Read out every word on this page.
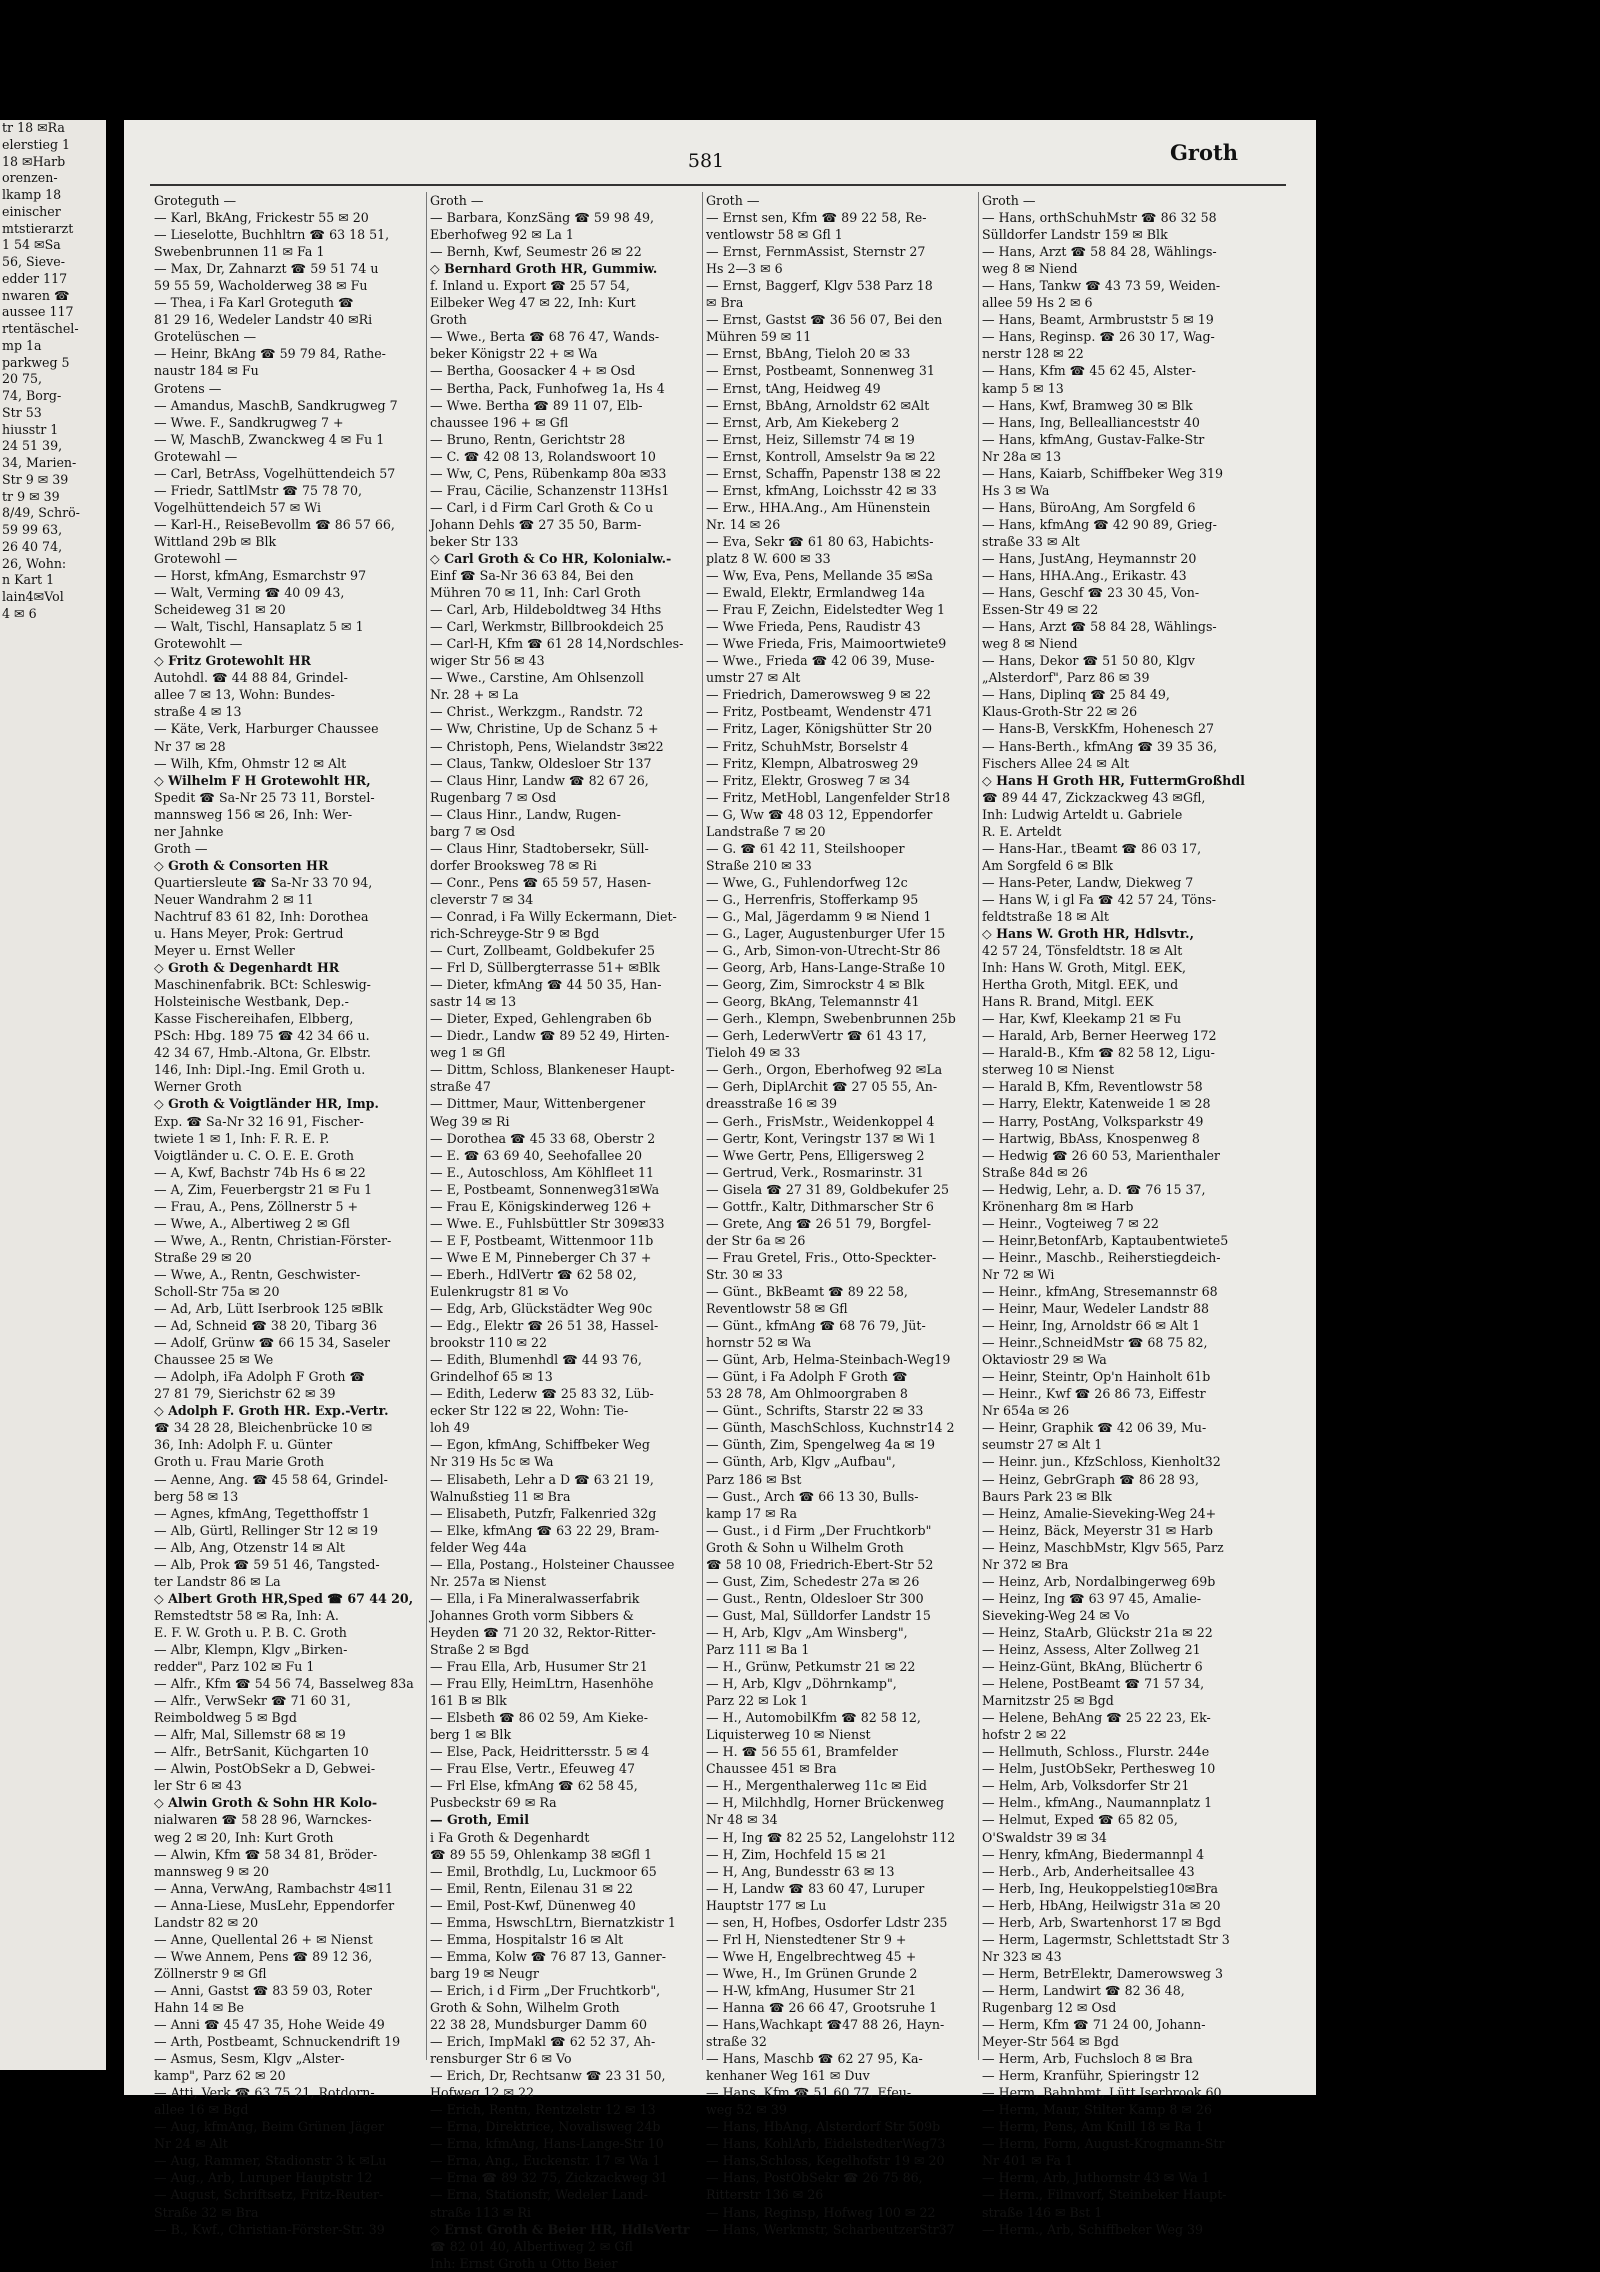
tr 18 ✉Ra
elerstieg 1
18 ✉Harb
orenzen-
lkamp 18
einischer
mtstierarzt
1 54 ✉Sa
56, Sieve-
edder 117
nwaren ☎
aussee 117
rtentäschel-
mp 1a
parkweg 5
20 75,
74, Borg-
Str 53
hiusstr 1
24 51 39,
34, Marien-
Str 9 ✉ 39
tr 9 ✉ 39
8/49, Schrö-
59 99 63,
26 40 74,
26, Wohn:
n Kart 1
lain4✉Vol
4 ✉ 6
581	Groth
Groteguth —
— Karl, BkAng, Frickestr 55 ✉ 20
— Lieselotte, Buchhltrn ☎ 63 18 51,
Swebenbrunnen 11 ✉ Fa 1
— Max, Dr, Zahnarzt ☎ 59 51 74 u
59 55 59, Wacholderweg 38 ✉ Fu
— Thea, i Fa Karl Groteguth ☎
81 29 16, Wedeler Landstr 40 ✉Ri
Grotelüschen —
— Heinr, BkAng ☎ 59 79 84, Rathe-
naustr 184 ✉ Fu
Grotens —
— Amandus, MaschB, Sandkrugweg 7
— Wwe. F., Sandkrugweg 7 +
— W, MaschB, Zwanckweg 4 ✉ Fu 1
Grotewahl —
— Carl, BetrAss, Vogelhüttendeich 57
— Friedr, SattlMstr ☎ 75 78 70,
Vogelhüttendeich 57 ✉ Wi
— Karl-H., ReiseBevollm ☎ 86 57 66,
Wittland 29b ✉ Blk
Grotewohl —
— Horst, kfmAng, Esmarchstr 97
— Walt, Verming ☎ 40 09 43,
Scheideweg 31 ✉ 20
— Walt, Tischl, Hansaplatz 5 ✉ 1
Grotewohlt —
◇ Fritz Grotewohlt HR
Autohdl. ☎ 44 88 84, Grindel-
allee 7 ✉ 13, Wohn: Bundes-
straße 4 ✉ 13
— Käte, Verk, Harburger Chaussee
Nr 37 ✉ 28
— Wilh, Kfm, Ohmstr 12 ✉ Alt
◇ Wilhelm F H Grotewohlt HR,
Spedit ☎ Sa-Nr 25 73 11, Borstel-
mannsweg 156 ✉ 26, Inh: Wer-
ner Jahnke
Groth —
◇ Groth & Consorten HR
Quartiersleute ☎ Sa-Nr 33 70 94,
Neuer Wandrahm 2 ✉ 11
Nachtruf 83 61 82, Inh: Dorothea
u. Hans Meyer, Prok: Gertrud
Meyer u. Ernst Weller
◇ Groth & Degenhardt HR
Maschinenfabrik. BCt: Schleswig-
Holsteinische Westbank, Dep.-
Kasse Fischereihafen, Elbberg,
PSch: Hbg. 189 75 ☎ 42 34 66 u.
42 34 67, Hmb.-Altona, Gr. Elbstr.
146, Inh: Dipl.-Ing. Emil Groth u.
Werner Groth
◇ Groth & Voigtländer HR, Imp.
Exp. ☎ Sa-Nr 32 16 91, Fischer-
twiete 1 ✉ 1, Inh: F. R. E. P.
Voigtländer u. C. O. E. E. Groth
— A, Kwf, Bachstr 74b Hs 6 ✉ 22
— A, Zim, Feuerbergstr 21 ✉ Fu 1
— Frau, A., Pens, Zöllnerstr 5 +
— Wwe, A., Albertiweg 2 ✉ Gfl
— Wwe, A., Rentn, Christian-Förster-
Straße 29 ✉ 20
— Wwe, A., Rentn, Geschwister-
Scholl-Str 75a ✉ 20
— Ad, Arb, Lütt Iserbrook 125 ✉Blk
— Ad, Schneid ☎ 38 20, Tibarg 36
— Adolf, Grünw ☎ 66 15 34, Saseler
Chaussee 25 ✉ We
— Adolph, iFa Adolph F Groth ☎
27 81 79, Sierichstr 62 ✉ 39
◇ Adolph F. Groth HR. Exp.-Vertr.
☎ 34 28 28, Bleichenbrücke 10 ✉
36, Inh: Adolph F. u. Günter
Groth u. Frau Marie Groth
— Aenne, Ang. ☎ 45 58 64, Grindel-
berg 58 ✉ 13
— Agnes, kfmAng, Tegetthoffstr 1
— Alb, Gürtl, Rellinger Str 12 ✉ 19
— Alb, Ang, Otzenstr 14 ✉ Alt
— Alb, Prok ☎ 59 51 46, Tangsted-
ter Landstr 86 ✉ La
◇ Albert Groth HR,Sped ☎ 67 44 20,
Remstedtstr 58 ✉ Ra, Inh: A.
E. F. W. Groth u. P. B. C. Groth
— Albr, Klempn, Klgv „Birken-
redder", Parz 102 ✉ Fu 1
— Alfr., Kfm ☎ 54 56 74, Basselweg 83a
— Alfr., VerwSekr ☎ 71 60 31,
Reimboldweg 5 ✉ Bgd
— Alfr, Mal, Sillemstr 68 ✉ 19
— Alfr., BetrSanit, Küchgarten 10
— Alwin, PostObSekr a D, Gebwei-
ler Str 6 ✉ 43
◇ Alwin Groth & Sohn HR Kolo-
nialwaren ☎ 58 28 96, Warnckes-
weg 2 ✉ 20, Inh: Kurt Groth
— Alwin, Kfm ☎ 58 34 81, Bröder-
mannsweg 9 ✉ 20
— Anna, VerwAng, Rambachstr 4✉11
— Anna-Liese, MusLehr, Eppendorfer
Landstr 82 ✉ 20
— Anne, Quellental 26 + ✉ Nienst
— Wwe Annem, Pens ☎ 89 12 36,
Zöllnerstr 9 ✉ Gfl
— Anni, Gastst ☎ 83 59 03, Roter
Hahn 14 ✉ Be
— Anni ☎ 45 47 35, Hohe Weide 49
— Arth, Postbeamt, Schnuckendrift 19
— Asmus, Sesm, Klgv „Alster-
kamp", Parz 62 ✉ 20
— Atti, Verk ☎ 63 75 21, Rotdorn-
allee 16 ✉ Bgd
— Aug, kfmAng, Beim Grünen Jäger
Nr 24 ✉ Alt
— Aug, Rammer, Stadionstr 3 k ✉Lu
— Aug., Arb, Luruper Hauptstr 12
— August, Schriftsetz, Fritz-Reuter-
Straße 32 ✉ Bra
— B., Kwf., Christian-Förster-Str. 39
Groth —
— Barbara, KonzSäng ☎ 59 98 49,
Eberhofweg 92 ✉ La 1
— Bernh, Kwf, Seumestr 26 ✉ 22
◇ Bernhard Groth HR, Gummiw.
f. Inland u. Export ☎ 25 57 54,
Eilbeker Weg 47 ✉ 22, Inh: Kurt
Groth
— Wwe., Berta ☎ 68 76 47, Wands-
beker Königstr 22 + ✉ Wa
— Bertha, Goosacker 4 + ✉ Osd
— Bertha, Pack, Funhofweg 1a, Hs 4
— Wwe. Bertha ☎ 89 11 07, Elb-
chaussee 196 + ✉ Gfl
— Bruno, Rentn, Gerichtstr 28
— C. ☎ 42 08 13, Rolandswoort 10
— Ww, C, Pens, Rübenkamp 80a ✉33
— Frau, Cäcilie, Schanzenstr 113Hs1
— Carl, i d Firm Carl Groth & Co u
Johann Dehls ☎ 27 35 50, Barm-
beker Str 133
◇ Carl Groth & Co HR, Kolonialw.-
Einf ☎ Sa-Nr 36 63 84, Bei den
Mühren 70 ✉ 11, Inh: Carl Groth
— Carl, Arb, Hildeboldtweg 34 Hths
— Carl, Werkmstr, Billbrookdeich 25
— Carl-H, Kfm ☎ 61 28 14,Nordschles-
wiger Str 56 ✉ 43
— Wwe., Carstine, Am Ohlsenzoll
Nr. 28 + ✉ La
— Christ., Werkzgm., Randstr. 72
— Ww, Christine, Up de Schanz 5 +
— Christoph, Pens, Wielandstr 3✉22
— Claus, Tankw, Oldesloer Str 137
— Claus Hinr, Landw ☎ 82 67 26,
Rugenbarg 7 ✉ Osd
— Claus Hinr., Landw, Rugen-
barg 7 ✉ Osd
— Claus Hinr, Stadtobersekr, Süll-
dorfer Brooksweg 78 ✉ Ri
— Conr., Pens ☎ 65 59 57, Hasen-
cleverstr 7 ✉ 34
— Conrad, i Fa Willy Eckermann, Diet-
rich-Schreyge-Str 9 ✉ Bgd
— Curt, Zollbeamt, Goldbekufer 25
— Frl D, Süllbergterrasse 51+ ✉Blk
— Dieter, kfmAng ☎ 44 50 35, Han-
sastr 14 ✉ 13
— Dieter, Exped, Gehlengraben 6b
— Diedr., Landw ☎ 89 52 49, Hirten-
weg 1 ✉ Gfl
— Dittm, Schloss, Blankeneser Haupt-
straße 47
— Dittmer, Maur, Wittenbergener
Weg 39 ✉ Ri
— Dorothea ☎ 45 33 68, Oberstr 2
— E. ☎ 63 69 40, Seehofallee 20
— E., Autoschloss, Am Köhlfleet 11
— E, Postbeamt, Sonnenweg31✉Wa
— Frau E, Königskinderweg 126 +
— Wwe. E., Fuhlsbüttler Str 309✉33
— E F, Postbeamt, Wittenmoor 11b
— Wwe E M, Pinneberger Ch 37 +
— Eberh., HdlVertr ☎ 62 58 02,
Eulenkrugstr 81 ✉ Vo
— Edg, Arb, Glückstädter Weg 90c
— Edg., Elektr ☎ 26 51 38, Hassel-
brookstr 110 ✉ 22
— Edith, Blumenhdl ☎ 44 93 76,
Grindelhof 65 ✉ 13
— Edith, Lederw ☎ 25 83 32, Lüb-
ecker Str 122 ✉ 22, Wohn: Tie-
loh 49
— Egon, kfmAng, Schiffbeker Weg
Nr 319 Hs 5c ✉ Wa
— Elisabeth, Lehr a D ☎ 63 21 19,
Walnußstieg 11 ✉ Bra
— Elisabeth, Putzfr, Falkenried 32g
— Elke, kfmAng ☎ 63 22 29, Bram-
felder Weg 44a
— Ella, Postang., Holsteiner Chaussee
Nr. 257a ✉ Nienst
— Ella, i Fa Mineralwasserfabrik
Johannes Groth vorm Sibbers &
Heyden ☎ 71 20 32, Rektor-Ritter-
Straße 2 ✉ Bgd
— Frau Ella, Arb, Husumer Str 21
— Frau Elly, HeimLtrn, Hasenhöhe
161 B ✉ Blk
— Elsbeth ☎ 86 02 59, Am Kieke-
berg 1 ✉ Blk
— Else, Pack, Heidrittersstr. 5 ✉ 4
— Frau Else, Vertr., Efeuweg 47
— Frl Else, kfmAng ☎ 62 58 45,
Pusbeckstr 69 ✉ Ra
— Groth, Emil
i Fa Groth & Degenhardt
☎ 89 55 59, Ohlenkamp 38 ✉Gfl 1
— Emil, Brothdlg, Lu, Luckmoor 65
— Emil, Rentn, Eilenau 31 ✉ 22
— Emil, Post-Kwf, Dünenweg 40
— Emma, HswschLtrn, Biernatzkistr 1
— Emma, Hospitalstr 16 ✉ Alt
— Emma, Kolw ☎ 76 87 13, Ganner-
barg 19 ✉ Neugr
— Erich, i d Firm „Der Fruchtkorb",
Groth & Sohn, Wilhelm Groth
22 38 28, Mundsburger Damm 60
— Erich, ImpMakl ☎ 62 52 37, Ah-
rensburger Str 6 ✉ Vo
— Erich, Dr, Rechtsanw ☎ 23 31 50,
Hofweg 12 ✉ 22
— Erich, Rentn, Rentzelstr 12 ✉ 13
— Erna, Direktrice, Novalisweg 24b
— Erna, kfmAng, Hans-Lange-Str 10
— Erna, Ang., Euckenstr. 17 ✉ Wa 1
— Erna ☎ 89 32 75, Zickzackweg 31
— Erna, Stationsfr, Wedeler Land-
straße 113 ✉ Ri
◇ Ernst Groth & Beier HR, HdlsVertr
☎ 82 01 40, Albertiweg 2 ✉ Gfl
Inh: Ernst Groth u Otto Beier
Groth —
— Ernst sen, Kfm ☎ 89 22 58, Re-
ventlowstr 58 ✉ Gfl 1
— Ernst, FernmAssist, Sternstr 27
Hs 2—3 ✉ 6
— Ernst, Baggerf, Klgv 538 Parz 18
✉ Bra
— Ernst, Gastst ☎ 36 56 07, Bei den
Mühren 59 ✉ 11
— Ernst, BbAng, Tieloh 20 ✉ 33
— Ernst, Postbeamt, Sonnenweg 31
— Ernst, tAng, Heidweg 49
— Ernst, BbAng, Arnoldstr 62 ✉Alt
— Ernst, Arb, Am Kiekeberg 2
— Ernst, Heiz, Sillemstr 74 ✉ 19
— Ernst, Kontroll, Amselstr 9a ✉ 22
— Ernst, Schaffn, Papenstr 138 ✉ 22
— Ernst, kfmAng, Loichsstr 42 ✉ 33
— Erw., HHA.Ang., Am Hünenstein
Nr. 14 ✉ 26
— Eva, Sekr ☎ 61 80 63, Habichts-
platz 8 W. 600 ✉ 33
— Ww, Eva, Pens, Mellande 35 ✉Sa
— Ewald, Elektr, Ermlandweg 14a
— Frau F, Zeichn, Eidelstedter Weg 1
— Wwe Frieda, Pens, Raudistr 43
— Wwe Frieda, Fris, Maimoortwiete9
— Wwe., Frieda ☎ 42 06 39, Muse-
umstr 27 ✉ Alt
— Friedrich, Damerowsweg 9 ✉ 22
— Fritz, Postbeamt, Wendenstr 471
— Fritz, Lager, Königshütter Str 20
— Fritz, SchuhMstr, Borselstr 4
— Fritz, Klempn, Albatrosweg 29
— Fritz, Elektr, Grosweg 7 ✉ 34
— Fritz, MetHobl, Langenfelder Str18
— G, Ww ☎ 48 03 12, Eppendorfer
Landstraße 7 ✉ 20
— G. ☎ 61 42 11, Steilshooper
Straße 210 ✉ 33
— Wwe, G., Fuhlendorfweg 12c
— G., Herrenfris, Stofferkamp 95
— G., Mal, Jägerdamm 9 ✉ Niend 1
— G., Lager, Augustenburger Ufer 15
— G., Arb, Simon-von-Utrecht-Str 86
— Georg, Arb, Hans-Lange-Straße 10
— Georg, Zim, Simrockstr 4 ✉ Blk
— Georg, BkAng, Telemannstr 41
— Gerh., Klempn, Swebenbrunnen 25b
— Gerh, LederwVertr ☎ 61 43 17,
Tieloh 49 ✉ 33
— Gerh., Orgon, Eberhofweg 92 ✉La
— Gerh, DiplArchit ☎ 27 05 55, An-
dreasstraße 16 ✉ 39
— Gerh., FrisMstr., Weidenkoppel 4
— Gertr, Kont, Veringstr 137 ✉ Wi 1
— Wwe Gertr, Pens, Elligersweg 2
— Gertrud, Verk., Rosmarinstr. 31
— Gisela ☎ 27 31 89, Goldbekufer 25
— Gottfr., Kaltr, Dithmarscher Str 6
— Grete, Ang ☎ 26 51 79, Borgfel-
der Str 6a ✉ 26
— Frau Gretel, Fris., Otto-Speckter-
Str. 30 ✉ 33
— Günt., BkBeamt ☎ 89 22 58,
Reventlowstr 58 ✉ Gfl
— Günt., kfmAng ☎ 68 76 79, Jüt-
hornstr 52 ✉ Wa
— Günt, Arb, Helma-Steinbach-Weg19
— Günt, i Fa Adolph F Groth ☎
53 28 78, Am Ohlmoorgraben 8
— Günt., Schrifts, Starstr 22 ✉ 33
— Günth, MaschSchloss, Kuchnstr14 2
— Günth, Zim, Spengelweg 4a ✉ 19
— Günth, Arb, Klgv „Aufbau",
Parz 186 ✉ Bst
— Gust., Arch ☎ 66 13 30, Bulls-
kamp 17 ✉ Ra
— Gust., i d Firm „Der Fruchtkorb"
Groth & Sohn u Wilhelm Groth
☎ 58 10 08, Friedrich-Ebert-Str 52
— Gust, Zim, Schedestr 27a ✉ 26
— Gust., Rentn, Oldesloer Str 300
— Gust, Mal, Sülldorfer Landstr 15
— H, Arb, Klgv „Am Winsberg",
Parz 111 ✉ Ba 1
— H., Grünw, Petkumstr 21 ✉ 22
— H, Arb, Klgv „Döhrnkamp",
Parz 22 ✉ Lok 1
— H., AutomobilKfm ☎ 82 58 12,
Liquisterweg 10 ✉ Nienst
— H. ☎ 56 55 61, Bramfelder
Chaussee 451 ✉ Bra
— H., Mergenthalerweg 11c ✉ Eid
— H, Milchhdlg, Horner Brückenweg
Nr 48 ✉ 34
— H, Ing ☎ 82 25 52, Langelohstr 112
— H, Zim, Hochfeld 15 ✉ 21
— H, Ang, Bundesstr 63 ✉ 13
— H, Landw ☎ 83 60 47, Luruper
Hauptstr 177 ✉ Lu
— sen, H, Hofbes, Osdorfer Ldstr 235
— Frl H, Nienstedtener Str 9 +
— Wwe H, Engelbrechtweg 45 +
— Wwe, H., Im Grünen Grunde 2
— H-W, kfmAng, Husumer Str 21
— Hanna ☎ 26 66 47, Grootsruhe 1
— Hans,Wachkapt ☎47 88 26, Hayn-
straße 32
— Hans, Maschb ☎ 62 27 95, Ka-
kenhaner Weg 161 ✉ Duv
— Hans, Kfm ☎ 51 60 77, Efeu-
weg 52 ✉ 39
— Hans, HbAng, Alsterdorf Str 509b
— Hans, KohlArb, EidelstedterWeg73
— Hans,Schloss, Kegelhofstr 19 ✉ 20
— Hans, PostObSekr ☎ 26 75 86,
Ritterstr 136 ✉ 26
— Hans, Reginsp, Hofweg 100 ✉ 22
— Hans, Werkmstr, ScharbeutzerStr37
Groth —
— Hans, orthSchuhMstr ☎ 86 32 58
Sülldorfer Landstr 159 ✉ Blk
— Hans, Arzt ☎ 58 84 28, Wählings-
weg 8 ✉ Niend
— Hans, Tankw ☎ 43 73 59, Weiden-
allee 59 Hs 2 ✉ 6
— Hans, Beamt, Armbruststr 5 ✉ 19
— Hans, Reginsp. ☎ 26 30 17, Wag-
nerstr 128 ✉ 22
— Hans, Kfm ☎ 45 62 45, Alster-
kamp 5 ✉ 13
— Hans, Kwf, Bramweg 30 ✉ Blk
— Hans, Ing, Belleallianceststr 40
— Hans, kfmAng, Gustav-Falke-Str
Nr 28a ✉ 13
— Hans, Kaiarb, Schiffbeker Weg 319
Hs 3 ✉ Wa
— Hans, BüroAng, Am Sorgfeld 6
— Hans, kfmAng ☎ 42 90 89, Grieg-
straße 33 ✉ Alt
— Hans, JustAng, Heymannstr 20
— Hans, HHA.Ang., Erikastr. 43
— Hans, Geschf ☎ 23 30 45, Von-
Essen-Str 49 ✉ 22
— Hans, Arzt ☎ 58 84 28, Wählings-
weg 8 ✉ Niend
— Hans, Dekor ☎ 51 50 80, Klgv
„Alsterdorf", Parz 86 ✉ 39
— Hans, Diplinq ☎ 25 84 49,
Klaus-Groth-Str 22 ✉ 26
— Hans-B, VerskKfm, Hohenesch 27
— Hans-Berth., kfmAng ☎ 39 35 36,
Fischers Allee 24 ✉ Alt
◇ Hans H Groth HR, FuttermGroßhdl
☎ 89 44 47, Zickzackweg 43 ✉Gfl,
Inh: Ludwig Arteldt u. Gabriele
R. E. Arteldt
— Hans-Har., tBeamt ☎ 86 03 17,
Am Sorgfeld 6 ✉ Blk
— Hans-Peter, Landw, Diekweg 7
— Hans W, i gl Fa ☎ 42 57 24, Töns-
feldtstraße 18 ✉ Alt
◇ Hans W. Groth HR, Hdlsvtr.,
42 57 24, Tönsfeldtstr. 18 ✉ Alt
Inh: Hans W. Groth, Mitgl. EEK,
Hertha Groth, Mitgl. EEK, und
Hans R. Brand, Mitgl. EEK
— Har, Kwf, Kleekamp 21 ✉ Fu
— Harald, Arb, Berner Heerweg 172
— Harald-B., Kfm ☎ 82 58 12, Ligu-
sterweg 10 ✉ Nienst
— Harald B, Kfm, Reventlowstr 58
— Harry, Elektr, Katenweide 1 ✉ 28
— Harry, PostAng, Volksparkstr 49
— Hartwig, BbAss, Knospenweg 8
— Hedwig ☎ 26 60 53, Marienthaler
Straße 84d ✉ 26
— Hedwig, Lehr, a. D. ☎ 76 15 37,
Krönenharg 8m ✉ Harb
— Heinr., Vogteiweg 7 ✉ 22
— Heinr,BetonfArb, Kaptaubentwiete5
— Heinr., Maschb., Reiherstiegdeich-
Nr 72 ✉ Wi
— Heinr., kfmAng, Stresemannstr 68
— Heinr, Maur, Wedeler Landstr 88
— Heinr, Ing, Arnoldstr 66 ✉ Alt 1
— Heinr.,SchneidMstr ☎ 68 75 82,
Oktaviostr 29 ✉ Wa
— Heinr, Steintr, Op'n Hainholt 61b
— Heinr., Kwf ☎ 26 86 73, Eiffestr
Nr 654a ✉ 26
— Heinr, Graphik ☎ 42 06 39, Mu-
seumstr 27 ✉ Alt 1
— Heinr. jun., KfzSchloss, Kienholt32
— Heinz, GebrGraph ☎ 86 28 93,
Baurs Park 23 ✉ Blk
— Heinz, Amalie-Sieveking-Weg 24+
— Heinz, Bäck, Meyerstr 31 ✉ Harb
— Heinz, MaschbMstr, Klgv 565, Parz
Nr 372 ✉ Bra
— Heinz, Arb, Nordalbingerweg 69b
— Heinz, Ing ☎ 63 97 45, Amalie-
Sieveking-Weg 24 ✉ Vo
— Heinz, StaArb, Glückstr 21a ✉ 22
— Heinz, Assess, Alter Zollweg 21
— Heinz-Günt, BkAng, Blüchertr 6
— Helene, PostBeamt ☎ 71 57 34,
Marnitzstr 25 ✉ Bgd
— Helene, BehAng ☎ 25 22 23, Ek-
hofstr 2 ✉ 22
— Hellmuth, Schloss., Flurstr. 244e
— Helm, JustObSekr, Perthesweg 10
— Helm, Arb, Volksdorfer Str 21
— Helm., kfmAng., Naumannplatz 1
— Helmut, Exped ☎ 65 82 05,
O'Swaldstr 39 ✉ 34
— Henry, kfmAng, Biedermannpl 4
— Herb., Arb, Anderheitsallee 43
— Herb, Ing, Heukoppelstieg10✉Bra
— Herb, HbAng, Heilwigstr 31a ✉ 20
— Herb, Arb, Swartenhorst 17 ✉ Bgd
— Herm, Lagermstr, Schlettstadt Str 3
Nr 323 ✉ 43
— Herm, BetrElektr, Damerowsweg 3
— Herm, Landwirt ☎ 82 36 48,
Rugenbarg 12 ✉ Osd
— Herm, Kfm ☎ 71 24 00, Johann-
Meyer-Str 564 ✉ Bgd
— Herm, Arb, Fuchsloch 8 ✉ Bra
— Herm, Kranführ, Spieringstr 12
— Herm, Bahnbmt, Lütt Iserbrook 60
— Herm, Maur, Stilter Kamp 8 ✉ 26
— Herm, Pens, Am Knill 18 ✉ Ra 1
— Herm, Form, August-Krogmann-Str
Nr 401 ✉ Fa 1
— Herm, Arb, Juthornstr 43 ✉ Wa 1
— Herm., Filmvorf, Steinbeker Haupt-
straße 146 ✉ Bst 1
— Herm., Arb, Schiffbeker Weg 39
